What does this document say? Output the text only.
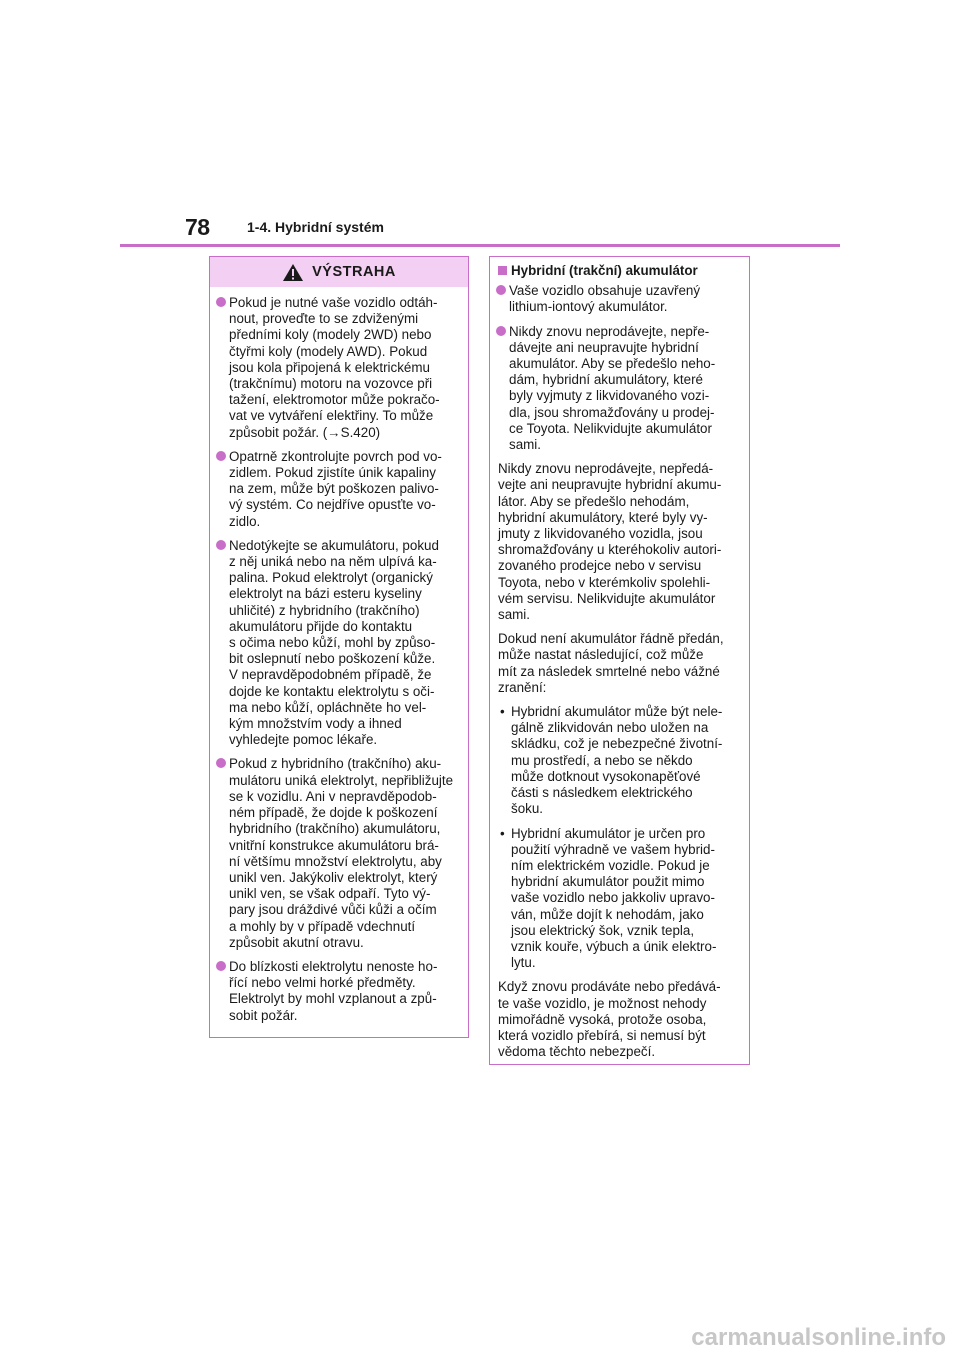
78	1-4. Hybridní systém
VÝSTRAHA
Pokud je nutné vaše vozidlo odtáh-
nout, proveďte to se zdviženými
předními koly (modely 2WD) nebo
čtyřmi koly (modely AWD). Pokud
jsou kola připojená k elektrickému
(trakčnímu) motoru na vozovce při
tažení, elektromotor může pokračo-
vat ve vytváření elektřiny. To může
způsobit požár. (→S.420)
Opatrně zkontrolujte povrch pod vo-
zidlem. Pokud zjistíte únik kapaliny
na zem, může být poškozen palivo-
vý systém. Co nejdříve opusťte vo-
zidlo.
Nedotýkejte se akumulátoru, pokud
z něj uniká nebo na něm ulpívá ka-
palina. Pokud elektrolyt (organický
elektrolyt na bázi esteru kyseliny
uhličité) z hybridního (trakčního)
akumulátoru přijde do kontaktu
s očima nebo kůží, mohl by způso-
bit oslepnutí nebo poškození kůže.
V nepravděpodobném případě, že
dojde ke kontaktu elektrolytu s oči-
ma nebo kůží, opláchněte ho vel-
kým množstvím vody a ihned
vyhledejte pomoc lékaře.
Pokud z hybridního (trakčního) aku-
mulátoru uniká elektrolyt, nepřibližujte
se k vozidlu. Ani v nepravděpodob-
ném případě, že dojde k poškození
hybridního (trakčního) akumulátoru,
vnitřní konstrukce akumulátoru brá-
ní většímu množství elektrolytu, aby
unikl ven. Jakýkoliv elektrolyt, který
unikl ven, se však odpaří. Tyto vý-
pary jsou dráždivé vůči kůži a očím
a mohly by v případě vdechnutí
způsobit akutní otravu.
Do blízkosti elektrolytu nenoste ho-
řící nebo velmi horké předměty.
Elektrolyt by mohl vzplanout a způ-
sobit požár.
Hybridní (trakční) akumulátor
Vaše vozidlo obsahuje uzavřený
lithium-iontový akumulátor.
Nikdy znovu neprodávejte, nepře-
dávejte ani neupravujte hybridní
akumulátor. Aby se předešlo neho-
dám, hybridní akumulátory, které
byly vyjmuty z likvidovaného vozi-
dla, jsou shromažďovány u prodej-
ce Toyota. Nelikvidujte akumulátor
sami.
Nikdy znovu neprodávejte, nepředá-
vejte ani neupravujte hybridní akumu-
látor. Aby se předešlo nehodám,
hybridní akumulátory, které byly vy-
jmuty z likvidovaného vozidla, jsou
shromažďovány u kteréhokoliv autori-
zovaného prodejce nebo v servisu
Toyota, nebo v kterémkoliv spolehli-
vém servisu. Nelikvidujte akumulátor
sami.
Dokud není akumulátor řádně předán,
může nastat následující, což může
mít za následek smrtelné nebo vážné
zranění:
• Hybridní akumulátor může být nele-
gálně zlikvidován nebo uložen na
skládku, což je nebezpečné životní-
mu prostředí, a nebo se někdo
může dotknout vysokonapěťové
části s následkem elektrického
šoku.
• Hybridní akumulátor je určen pro
použití výhradně ve vašem hybrid-
ním elektrickém vozidle. Pokud je
hybridní akumulátor použit mimo
vaše vozidlo nebo jakkoliv upravo-
ván, může dojít k nehodám, jako
jsou elektrický šok, vznik tepla,
vznik kouře, výbuch a únik elektro-
lytu.
Když znovu prodáváte nebo předává-
te vaše vozidlo, je možnost nehody
mimořádně vysoká, protože osoba,
která vozidlo přebírá, si nemusí být
vědoma těchto nebezpečí.
carmanualsonline.info
